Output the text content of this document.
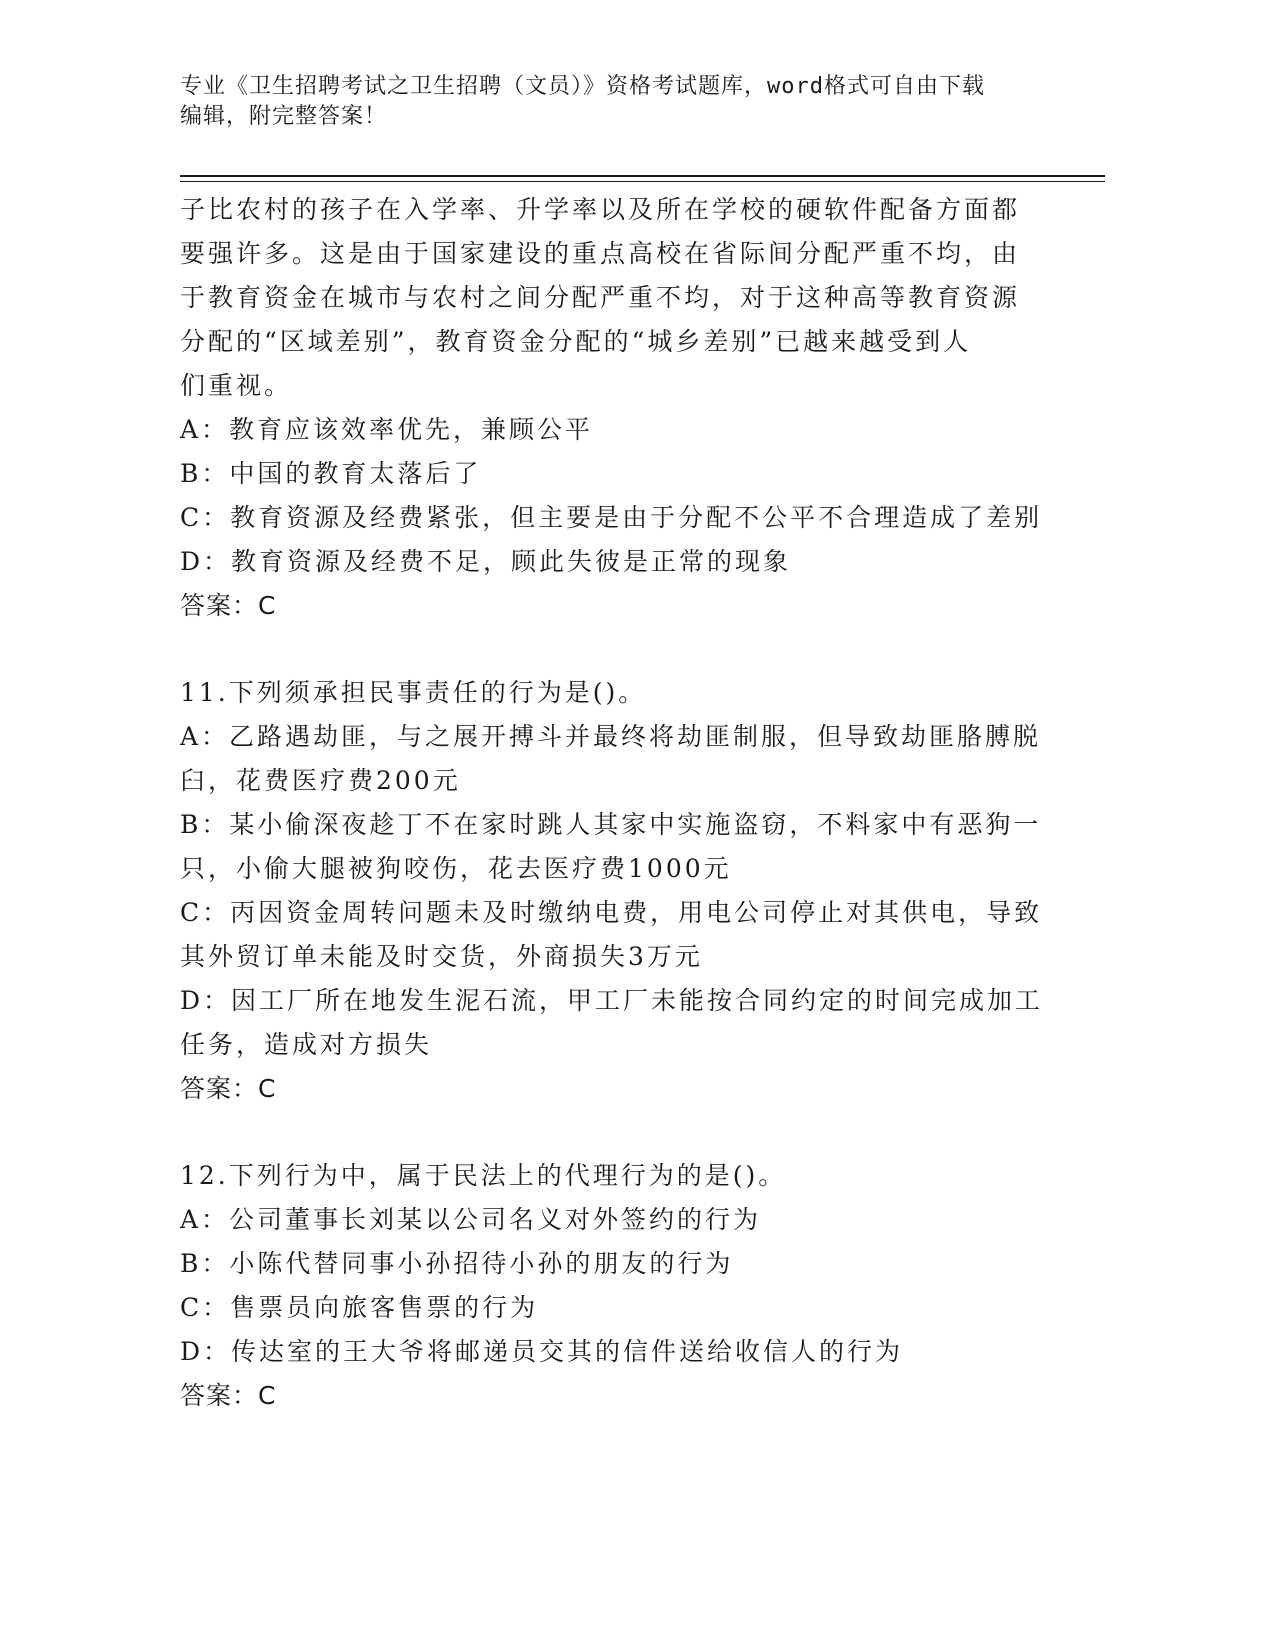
专业《卫生招聘考试之卫生招聘（文员）》资格考试题库，word格式可自由下载
编辑，附完整答案！
子比农村的孩子在入学率、升学率以及所在学校的硬软件配备方面都
要强许多。这是由于国家建设的重点高校在省际间分配严重不均，由
于教育资金在城市与农村之间分配严重不均，对于这种高等教育资源
分配的“区域差别”，教育资金分配的“城乡差别”已越来越受到人
们重视。
A：教育应该效率优先，兼顾公平
B：中国的教育太落后了
C：教育资源及经费紧张，但主要是由于分配不公平不合理造成了差别
D：教育资源及经费不足，顾此失彼是正常的现象
答案：C
11.下列须承担民事责任的行为是()。
A：乙路遇劫匪，与之展开搏斗并最终将劫匪制服，但导致劫匪胳膊脱
臼，花费医疗费200元
B：某小偷深夜趁丁不在家时跳人其家中实施盗窃，不料家中有恶狗一
只，小偷大腿被狗咬伤，花去医疗费1000元
C：丙因资金周转问题未及时缴纳电费，用电公司停止对其供电，导致
其外贸订单未能及时交货，外商损失3万元
D：因工厂所在地发生泥石流，甲工厂未能按合同约定的时间完成加工
任务，造成对方损失
答案：C
12.下列行为中，属于民法上的代理行为的是()。
A：公司董事长刘某以公司名义对外签约的行为
B：小陈代替同事小孙招待小孙的朋友的行为
C：售票员向旅客售票的行为
D：传达室的王大爷将邮递员交其的信件送给收信人的行为
答案：C
